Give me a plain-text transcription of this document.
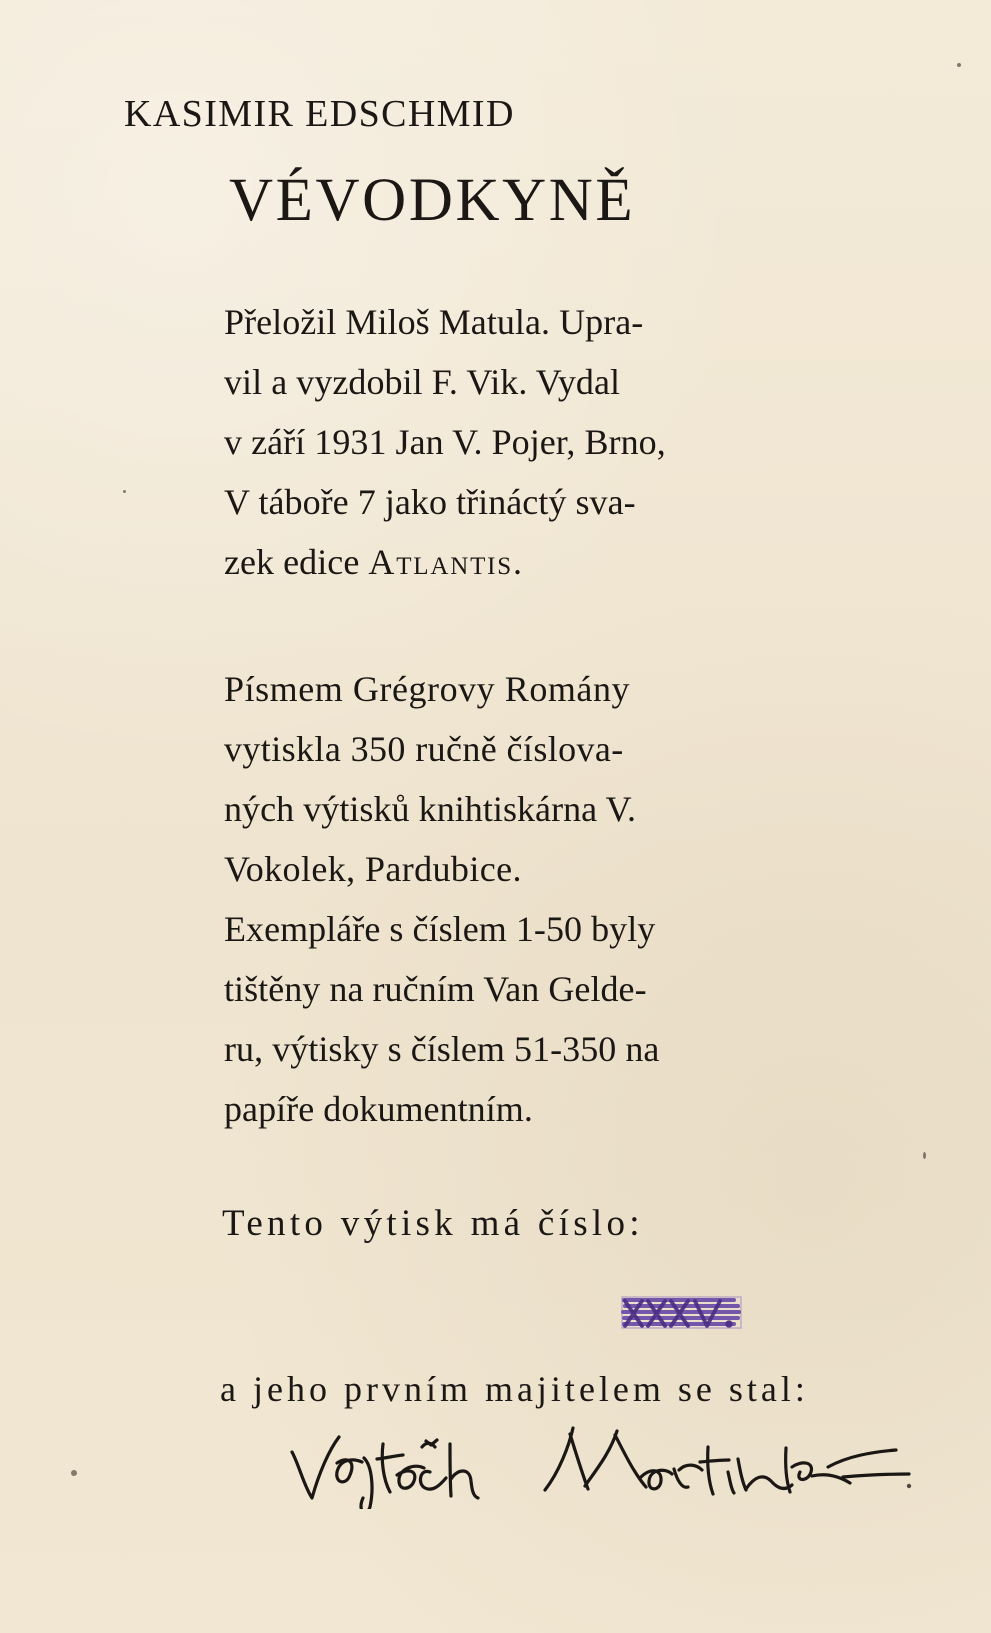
KASIMIR EDSCHMID
VÉVODKYNĚ
Přeložil Miloš Matula. Upra-
vil a vyzdobil F. Vik. Vydal
v září 1931 Jan V. Pojer, Brno,
V táboře 7 jako třináctý sva-
zek edice Atlantis.
Písmem Grégrovy Romány
vytiskla 350 ručně číslova-
ných výtisků knihtiskárna V.
Vokolek, Pardubice.
Exempláře s číslem 1-50 byly
tištěny na ručním Van Gelde-
ru, výtisky s číslem 51-350 na
papíře dokumentním.
Tento výtisk má číslo:
a jeho prvním majitelem se stal:
